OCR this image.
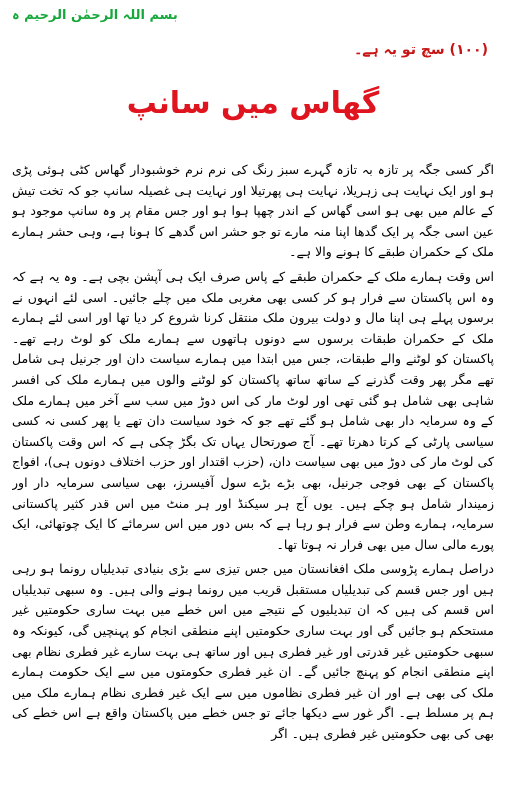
بسم اللہ الرحمٰن الرحیم ہ
(۱۰۰) سچ تو یہ ہے۔
گھاس میں سانپ

اگر کسی جگہ پر تازہ بہ تازہ گہرے سبز رنگ کی نرم نرم خوشبودار گھاس کٹی ہوئی پڑی ہو اور ایک نہایت ہی زہریلا، نہایت ہی پھرتیلا اور نہایت ہی غصیلہ سانپ جو کہ تخت تیش کے عالم میں بھی ہو اسی گھاس کے اندر چھپا ہوا ہو اور جس مقام پر وہ سانپ موجود ہو عین اسی جگہ پر ایک گدھا اپنا منہ مارے تو جو حشر اس گدھے کا ہونا ہے، وہی حشر ہمارے ملک کے حکمران طبقے کا ہونے والا ہے۔

اس وقت ہمارے ملک کے حکمران طبقے کے پاس صرف ایک ہی آپشن بچی ہے۔ وہ یہ ہے کہ وہ اس پاکستان سے فرار ہو کر کسی بھی مغربی ملک میں چلے جائیں۔ اسی لئے انہوں نے برسوں پہلے ہی اپنا مال و دولت بیرون ملک منتقل کرنا شروع کر دیا تھا اور اسی لئے ہمارے ملک کے حکمران طبقات برسوں سے دونوں ہاتھوں سے ہمارے ملک کو لوٹ رہے تھے۔ پاکستان کو لوٹنے والے طبقات، جس میں ابتدا میں ہمارے سیاست دان اور جرنیل ہی شامل تھے مگر پھر وقت گذرنے کے ساتھ ساتھ پاکستان کو لوٹنے والوں میں ہمارے ملک کی افسر شاہی بھی شامل ہو گئی تھی اور لوٹ مار کی اس دوڑ میں سب سے آخر میں ہمارے ملک کے وہ سرمایہ دار بھی شامل ہو گئے تھے جو کہ خود سیاست دان تھے یا پھر کسی نہ کسی سیاسی پارٹی کے کرتا دھرتا تھے۔ آج صورتحال یہاں تک بگڑ چکی ہے کہ اس وقت پاکستان کی لوٹ مار کی دوڑ میں بھی سیاست دان، (حزب اقتدار اور حزب اختلاف دونوں ہی)، افواج پاکستان کے بھی فوجی جرنیل، بھی بڑے بڑے سول آفیسرز، بھی سیاسی سرمایہ دار اور زمیندار شامل ہو چکے ہیں۔ یوں آج ہر سیکنڈ اور ہر منٹ میں اس قدر کثیر پاکستانی سرمایہ، ہمارے وطن سے فرار ہو رہا ہے کہ بس دور میں اس سرمائے کا ایک چوتھائی، ایک پورے مالی سال میں بھی فرار نہ ہوتا تھا۔

دراصل ہمارے پڑوسی ملک افغانستان میں جس تیزی سے بڑی بنیادی تبدیلیاں رونما ہو رہی ہیں اور جس قسم کی تبدیلیاں مستقبل قریب میں رونما ہونے والی ہیں۔ وہ سبھی تبدیلیاں اس قسم کی ہیں کہ ان تبدیلیوں کے نتیجے میں اس خطے میں بہت ساری حکومتیں غیر مستحکم ہو جائیں گی اور بہت ساری حکومتیں اپنے منطقی انجام کو پہنچیں گی، کیونکہ وہ سبھی حکومتیں غیر قدرتی اور غیر فطری ہیں اور ساتھ ہی بہت سارے غیر فطری نظام بھی اپنے منطقی انجام کو پہنچ جائیں گے۔ ان غیر فطری حکومتوں میں سے ایک حکومت ہمارے ملک کی بھی ہے اور ان غیر فطری نظاموں میں سے ایک غیر فطری نظام ہمارے ملک میں ہم پر مسلط ہے۔ اگر غور سے دیکھا جائے تو جس خطے میں پاکستان واقع ہے اس خطے کی بھی کی بھی حکومتیں غیر فطری ہیں۔ اگر
